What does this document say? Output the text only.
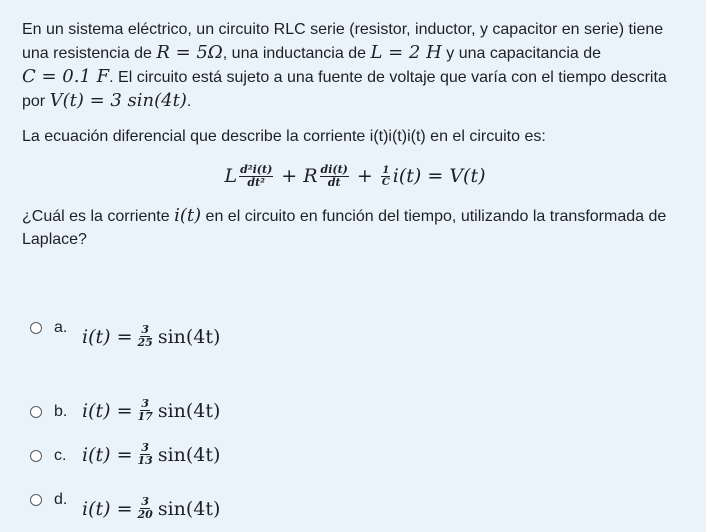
En un sistema eléctrico, un circuito RLC serie (resistor, inductor, y capacitor en serie) tiene
una resistencia de R = 5Ω, una inductancia de L = 2 H y una capacitancia de
C = 0.1 F. El circuito está sujeto a una fuente de voltaje que varía con el tiempo descrita
por V(t) = 3 sin(4t).

La ecuación diferencial que describe la corriente i(t)i(t)i(t) en el circuito es:

L $\frac{\text{d²i(t)}}{\text{dt²}} + R \frac{di(t)}{dt} + \frac{1}{C} i(t) = V(t)$

¿Cuál es la corriente i(t) en el circuito en función del tiempo, utilizando la transformada de
Laplace?

a. $i(t) = \frac{3}{25} \sin(4t)$
b. $i(t) = \frac{3}{17} \sin(4t)$
c. $i(t) = \frac{3}{13} \sin(4t)$
d. $i(t) = \frac{3}{20} \sin(4t)$
